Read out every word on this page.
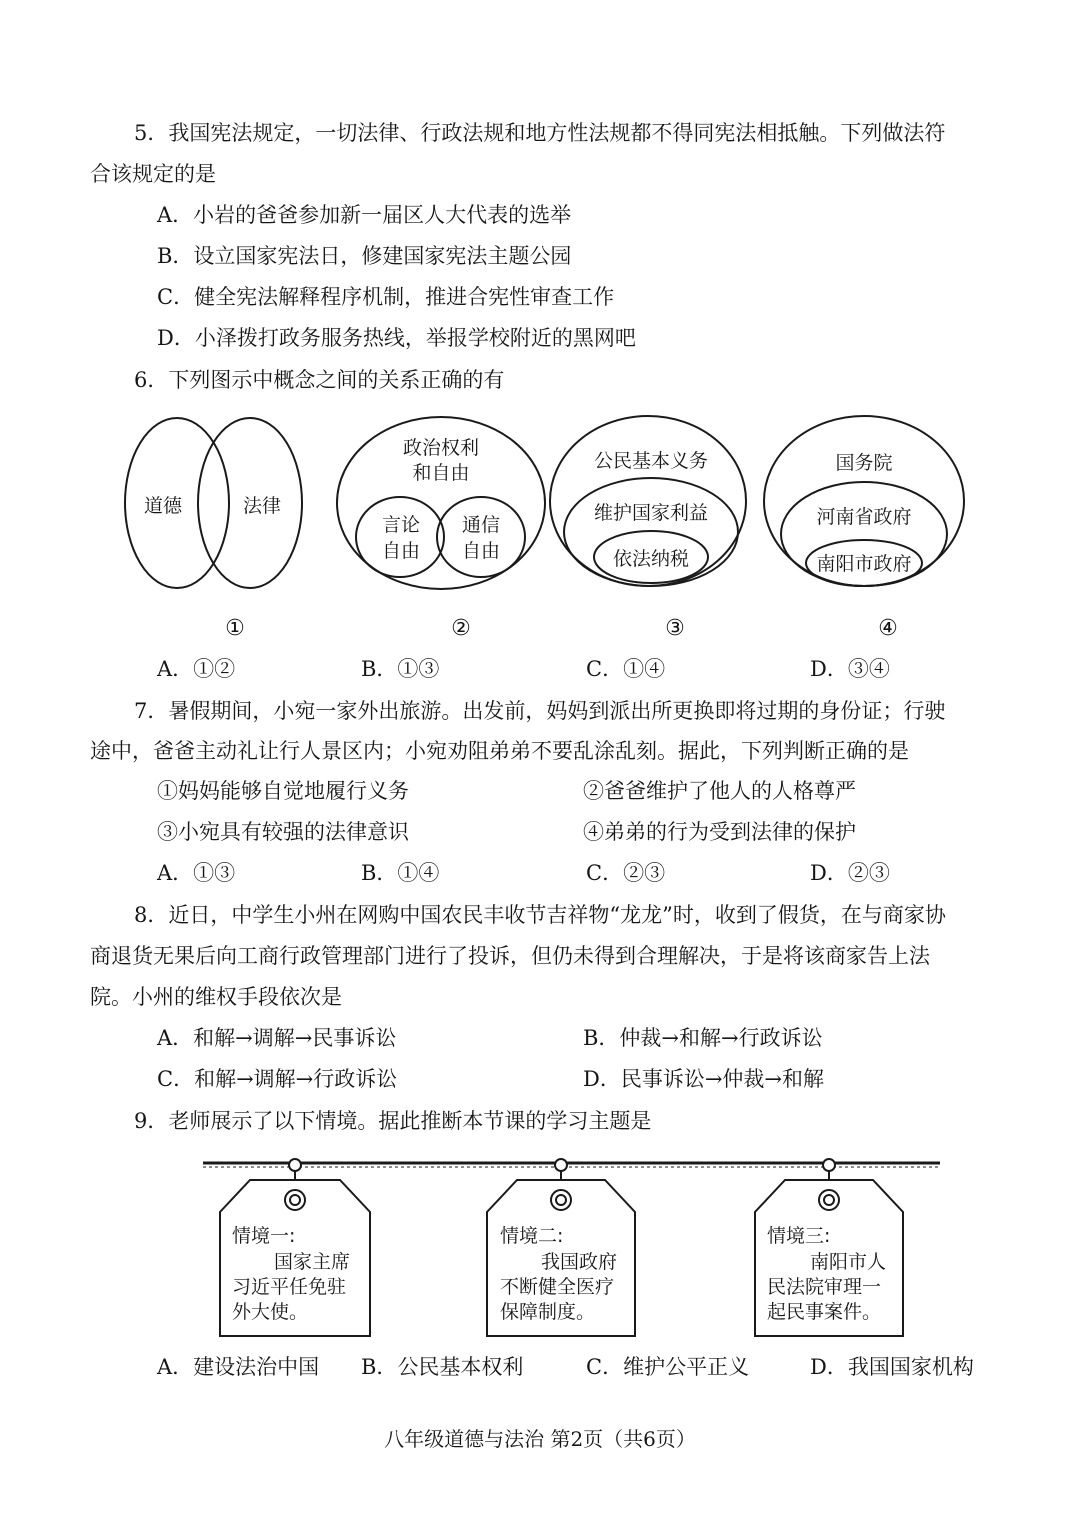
5．我国宪法规定，一切法律、行政法规和地方性法规都不得同宪法相抵触。下列做法符
合该规定的是
A．小岩的爸爸参加新一届区人大代表的选举
B．设立国家宪法日，修建国家宪法主题公园
C．健全宪法解释程序机制，推进合宪性审查工作
D．小泽拨打政务服务热线，举报学校附近的黑网吧
6．下列图示中概念之间的关系正确的有
道德	法律
政治权利
和自由
言论
自由
通信
自由
公民基本义务
维护国家利益
依法纳税
国务院
河南省政府
南阳市政府
①	②	③	④
A．①②	B．①③	C．①④	D．③④
7．暑假期间，小宛一家外出旅游。出发前，妈妈到派出所更换即将过期的身份证；行驶
途中，爸爸主动礼让行人景区内；小宛劝阻弟弟不要乱涂乱刻。据此，下列判断正确的是
①妈妈能够自觉地履行义务	②爸爸维护了他人的人格尊严
③小宛具有较强的法律意识	④弟弟的行为受到法律的保护
A．①③	B．①④	C．②③	D．②③
8．近日，中学生小州在网购中国农民丰收节吉祥物“龙龙”时，收到了假货，在与商家协
商退货无果后向工商行政管理部门进行了投诉，但仍未得到合理解决，于是将该商家告上法
院。小州的维权手段依次是
A．和解→调解→民事诉讼	B．仲裁→和解→行政诉讼
C．和解→调解→行政诉讼	D．民事诉讼→仲裁→和解
9．老师展示了以下情境。据此推断本节课的学习主题是
情境一:
国家主席
习近平任免驻
外大使。
情境二:
我国政府
不断健全医疗
保障制度。
情境三:
南阳市人
民法院审理一
起民事案件。
A．建设法治中国 B．公民基本权利	C．维护公平正义	D．我国国家机构
八年级道德与法治 第2页（共6页）
